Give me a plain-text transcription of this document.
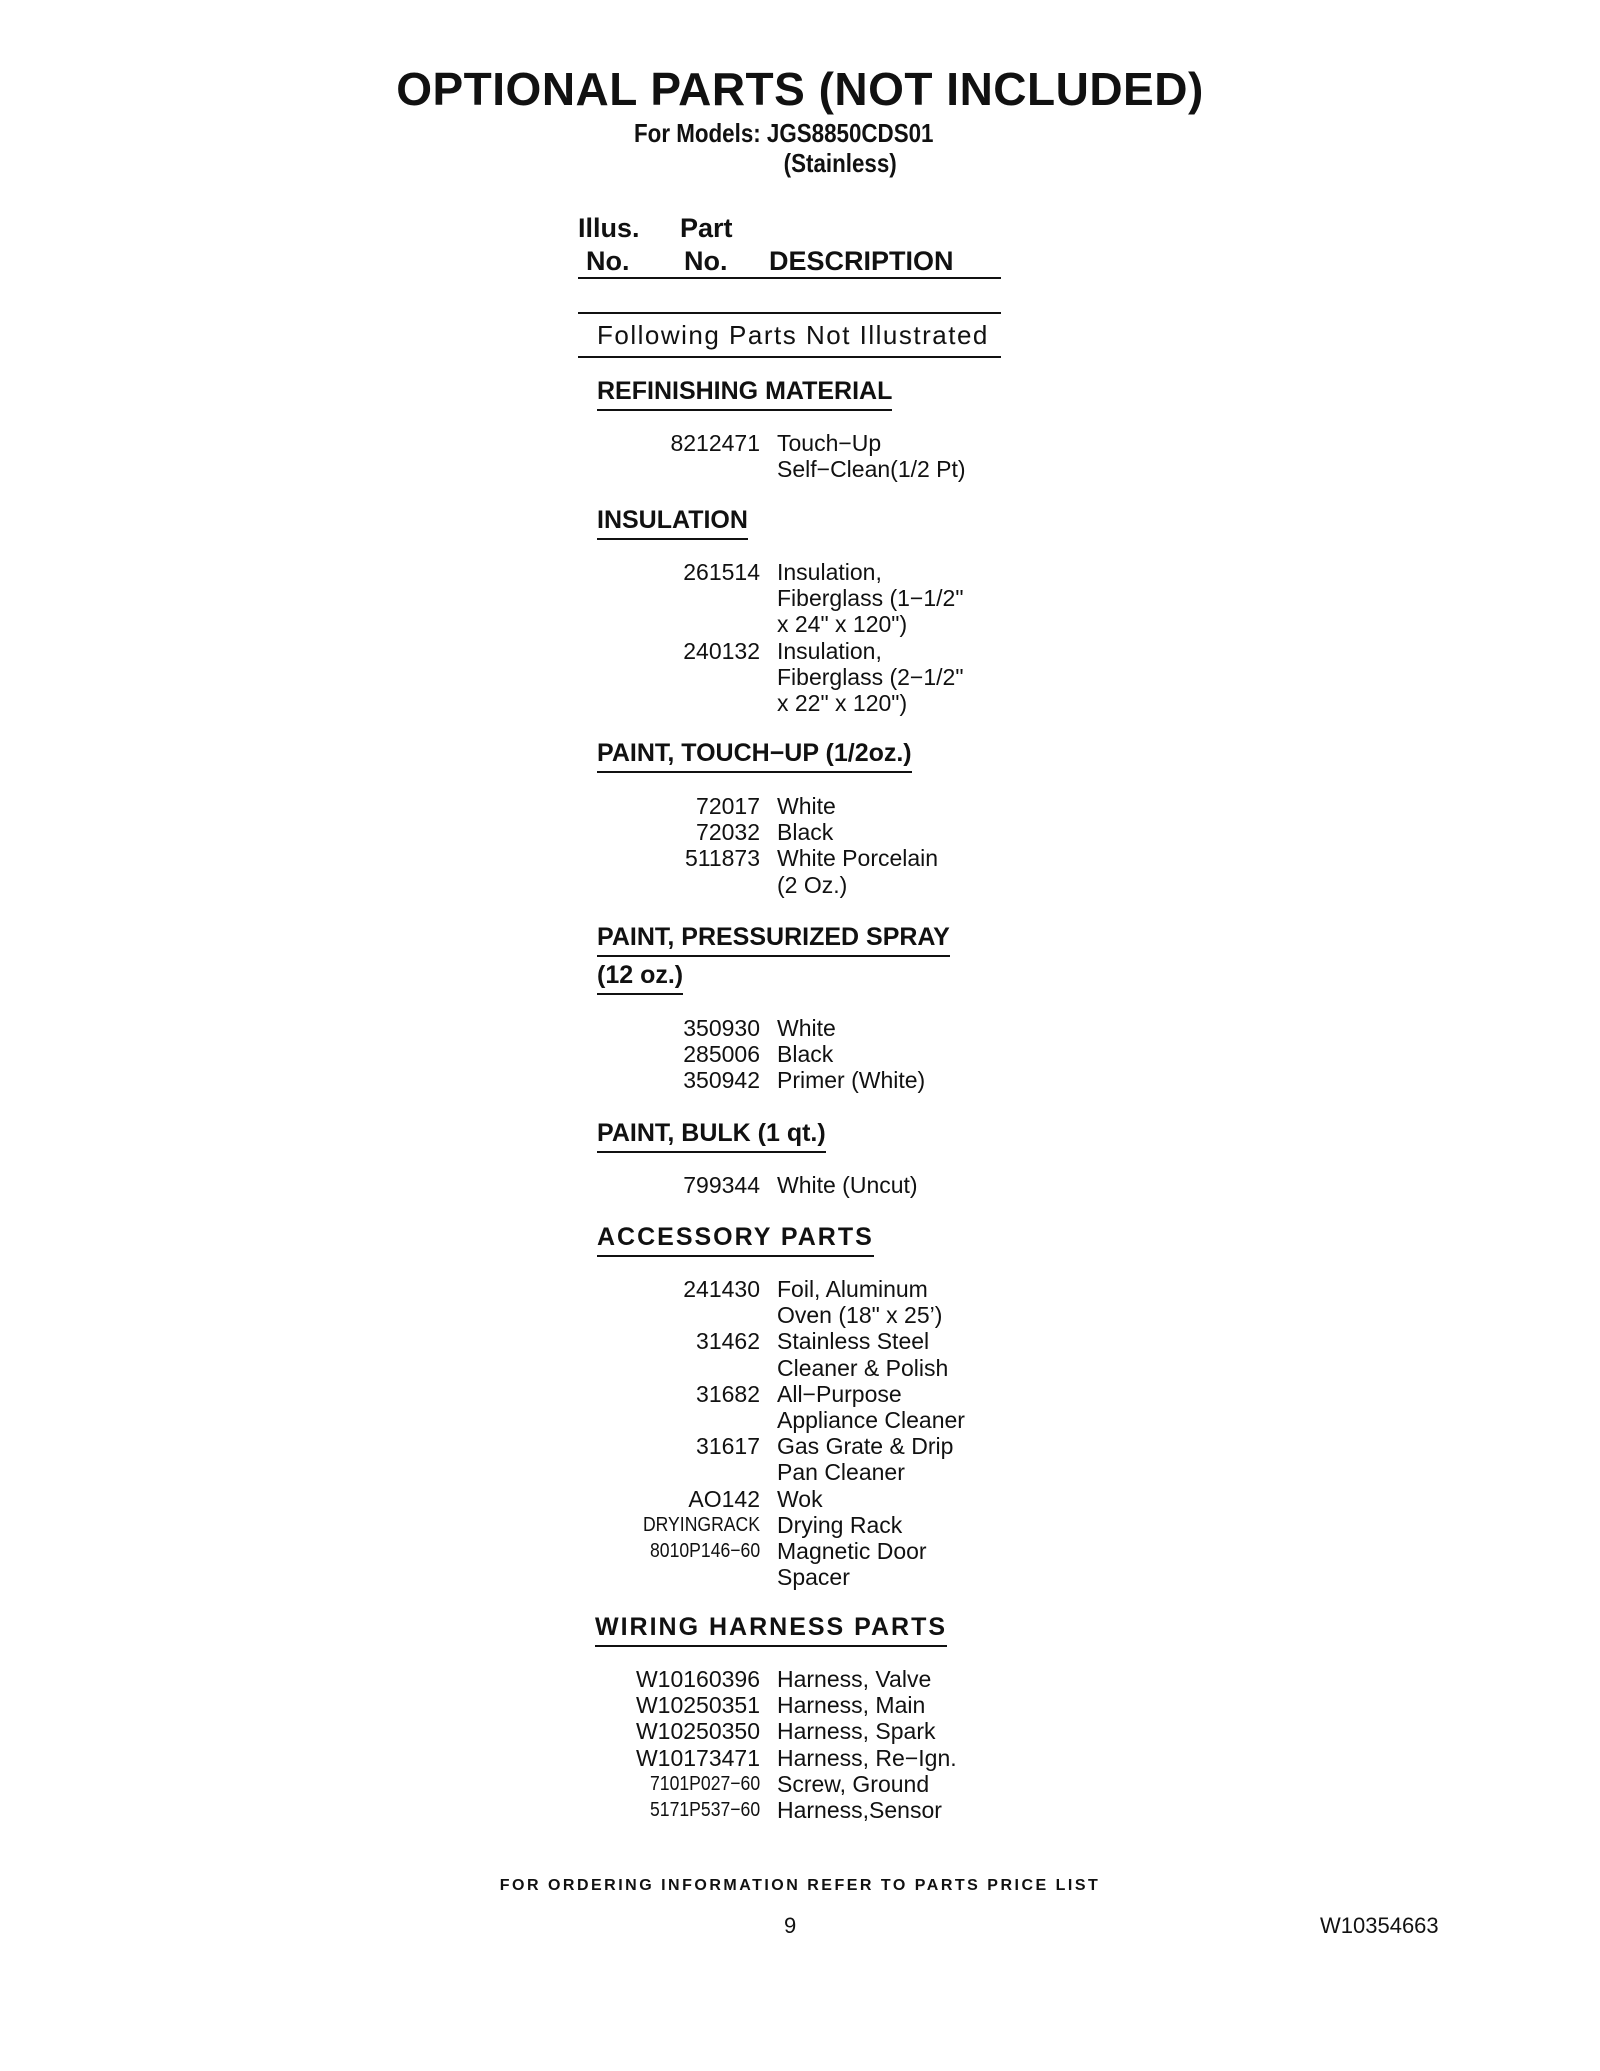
OPTIONAL PARTS (NOT INCLUDED)
For Models: JGS8850CDS01
(Stainless)
Illus.
No.
Part
No. DESCRIPTION
Following Parts Not Illustrated
REFINISHING MATERIAL
8212471 Touch−Up
Self−Clean(1/2 Pt)
INSULATION
261514 Insulation,
Fiberglass (1−1/2"
x 24" x 120")
240132 Insulation,
Fiberglass (2−1/2"
x 22" x 120")
PAINT, TOUCH−UP (1/2oz.)
72017 White
72032 Black
511873 White Porcelain
(2 Oz.)
PAINT, PRESSURIZED SPRAY
(12 oz.)
350930 White
285006 Black
350942 Primer (White)
PAINT, BULK (1 qt.)
799344 White (Uncut)
ACCESSORY PARTS
241430 Foil, Aluminum
Oven (18" x 25’)
31462 Stainless Steel
Cleaner & Polish
31682 All−Purpose
Appliance Cleaner
31617 Gas Grate & Drip
Pan Cleaner
AO142 Wok
DRYINGRACK Drying Rack
8010P146−60 Magnetic Door
Spacer
WIRING HARNESS PARTS
W10160396 Harness, Valve
W10250351 Harness, Main
W10250350 Harness, Spark
W10173471 Harness, Re−Ign.
7101P027−60 Screw, Ground
5171P537−60 Harness,Sensor
FOR ORDERING INFORMATION REFER TO PARTS PRICE LIST
9	W10354663
